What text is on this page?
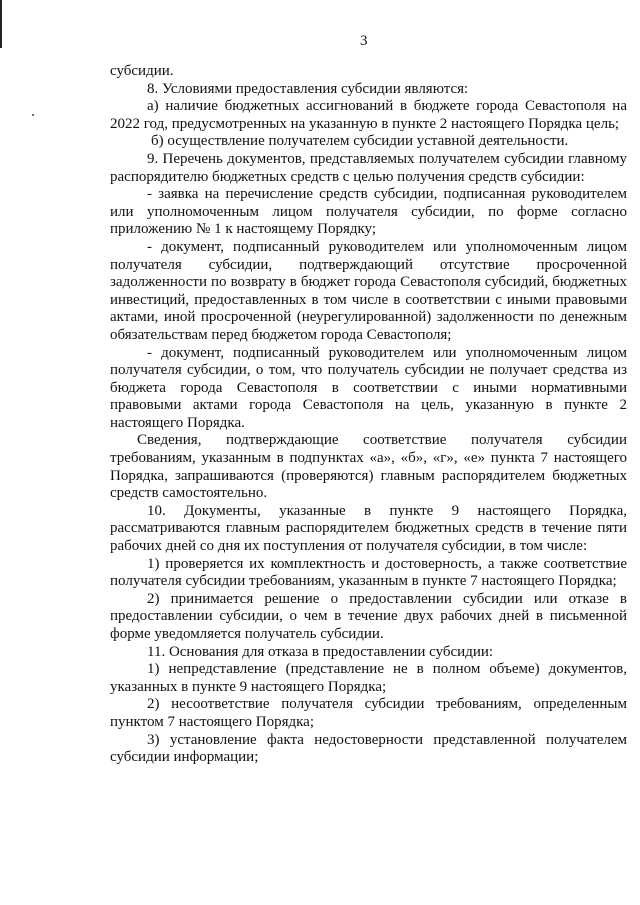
3

субсидии.

8. Условиями предоставления субсидии являются:

а) наличие бюджетных ассигнований в бюджете города Севастополя на 2022 год, предусмотренных на указанную в пункте 2 настоящего Порядка цель;

б) осуществление получателем субсидии уставной деятельности.

9. Перечень документов, представляемых получателем субсидии главному распорядителю бюджетных средств с целью получения средств субсидии:

- заявка на перечисление средств субсидии, подписанная руководителем или уполномоченным лицом получателя субсидии, по форме согласно приложению № 1 к настоящему Порядку;

- документ, подписанный руководителем или уполномоченным лицом получателя субсидии, подтверждающий отсутствие просроченной задолженности по возврату в бюджет города Севастополя субсидий, бюджетных инвестиций, предоставленных в том числе в соответствии с иными правовыми актами, иной просроченной (неурегулированной) задолженности по денежным обязательствам перед бюджетом города Севастополя;

- документ, подписанный руководителем или уполномоченным лицом получателя субсидии, о том, что получатель субсидии не получает средства из бюджета города Севастополя в соответствии с иными нормативными правовыми актами города Севастополя на цель, указанную в пункте 2 настоящего Порядка.

Сведения, подтверждающие соответствие получателя субсидии требованиям, указанным в подпунктах «а», «б», «г», «е» пункта 7 настоящего Порядка, запрашиваются (проверяются) главным распорядителем бюджетных средств самостоятельно.

10. Документы, указанные в пункте 9 настоящего Порядка, рассматриваются главным распорядителем бюджетных средств в течение пяти рабочих дней со дня их поступления от получателя субсидии, в том числе:

1) проверяется их комплектность и достоверность, а также соответствие получателя субсидии требованиям, указанным в пункте 7 настоящего Порядка;

2) принимается решение о предоставлении субсидии или отказе в предоставлении субсидии, о чем в течение двух рабочих дней в письменной форме уведомляется получатель субсидии.

11. Основания для отказа в предоставлении субсидии:

1) непредставление (представление не в полном объеме) документов, указанных в пункте 9 настоящего Порядка;

2) несоответствие получателя субсидии требованиям, определенным пунктом 7 настоящего Порядка;

3) установление факта недостоверности представленной получателем субсидии информации;
